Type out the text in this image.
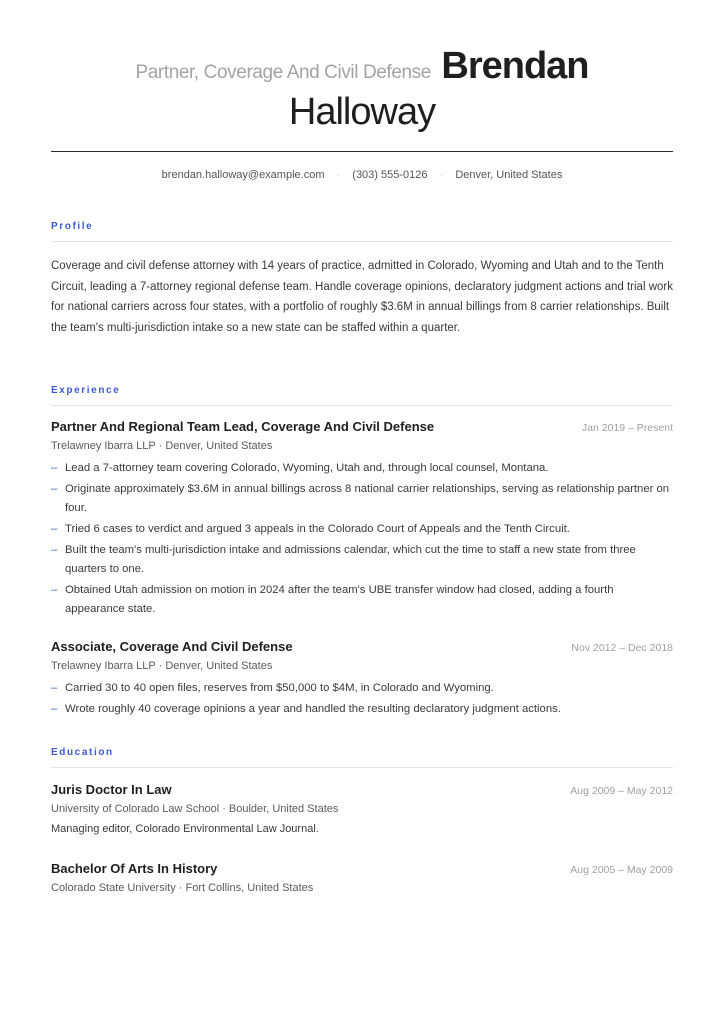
Partner, Coverage And Civil Defense Brendan
Halloway
brendan.halloway@example.com · (303) 555-0126 · Denver, United States
Profile
Coverage and civil defense attorney with 14 years of practice, admitted in Colorado, Wyoming and Utah and to the Tenth Circuit, leading a 7-attorney regional defense team. Handle coverage opinions, declaratory judgment actions and trial work for national carriers across four states, with a portfolio of roughly $3.6M in annual billings from 8 carrier relationships. Built the team's multi-jurisdiction intake so a new state can be staffed within a quarter.
Experience
Partner And Regional Team Lead, Coverage And Civil Defense	Jan 2019 – Present
Trelawney Ibarra LLP · Denver, United States
– Lead a 7-attorney team covering Colorado, Wyoming, Utah and, through local counsel, Montana.
– Originate approximately $3.6M in annual billings across 8 national carrier relationships, serving as relationship partner on four.
– Tried 6 cases to verdict and argued 3 appeals in the Colorado Court of Appeals and the Tenth Circuit.
– Built the team's multi-jurisdiction intake and admissions calendar, which cut the time to staff a new state from three quarters to one.
– Obtained Utah admission on motion in 2024 after the team's UBE transfer window had closed, adding a fourth appearance state.
Associate, Coverage And Civil Defense	Nov 2012 – Dec 2018
Trelawney Ibarra LLP · Denver, United States
– Carried 30 to 40 open files, reserves from $50,000 to $4M, in Colorado and Wyoming.
– Wrote roughly 40 coverage opinions a year and handled the resulting declaratory judgment actions.
Education
Juris Doctor In Law	Aug 2009 – May 2012
University of Colorado Law School · Boulder, United States
Managing editor, Colorado Environmental Law Journal.
Bachelor Of Arts In History	Aug 2005 – May 2009
Colorado State University · Fort Collins, United States
